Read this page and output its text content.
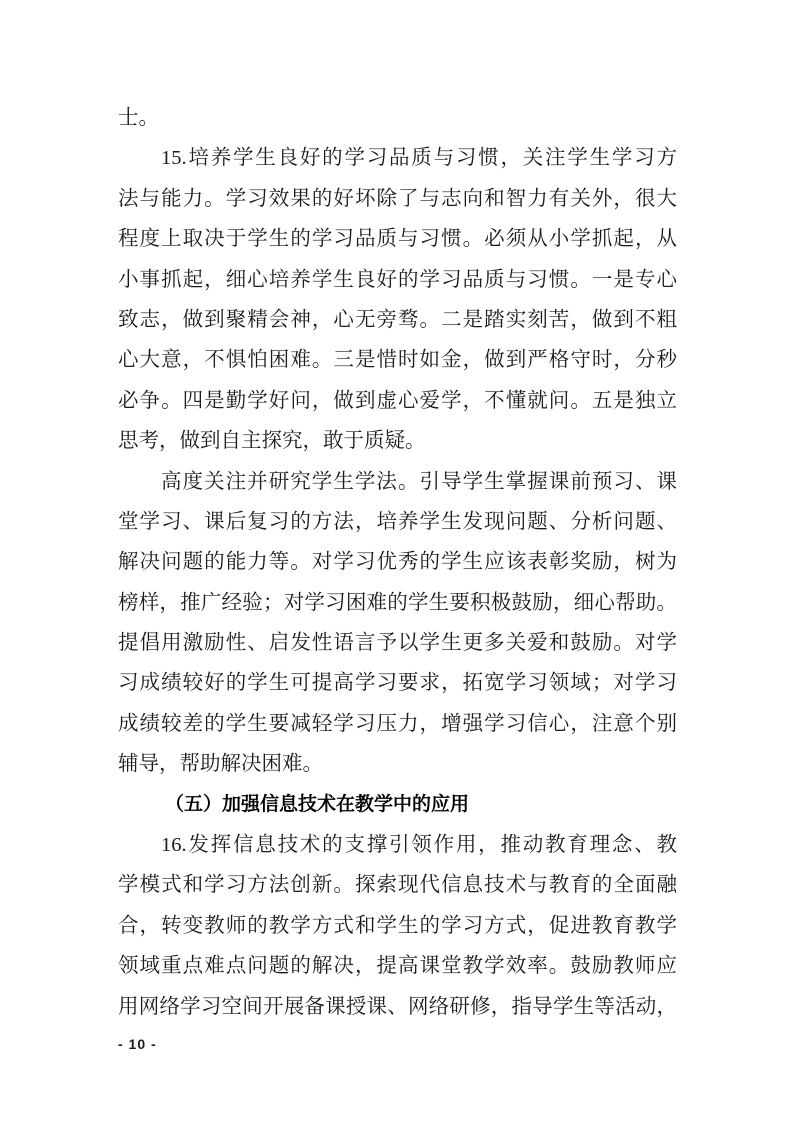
士。
15.培养学生良好的学习品质与习惯，关注学生学习方
法与能力。学习效果的好坏除了与志向和智力有关外，很大
程度上取决于学生的学习品质与习惯。必须从小学抓起，从
小事抓起，细心培养学生良好的学习品质与习惯。一是专心
致志，做到聚精会神，心无旁骛。二是踏实刻苦，做到不粗
心大意，不惧怕困难。三是惜时如金，做到严格守时，分秒
必争。四是勤学好问，做到虚心爱学，不懂就问。五是独立
思考，做到自主探究，敢于质疑。
高度关注并研究学生学法。引导学生掌握课前预习、课
堂学习、课后复习的方法，培养学生发现问题、分析问题、
解决问题的能力等。对学习优秀的学生应该表彰奖励，树为
榜样，推广经验；对学习困难的学生要积极鼓励，细心帮助。
提倡用激励性、启发性语言予以学生更多关爱和鼓励。对学
习成绩较好的学生可提高学习要求，拓宽学习领域；对学习
成绩较差的学生要减轻学习压力，增强学习信心，注意个别
辅导，帮助解决困难。
（五）加强信息技术在教学中的应用
16.发挥信息技术的支撑引领作用，推动教育理念、教
学模式和学习方法创新。探索现代信息技术与教育的全面融
合，转变教师的教学方式和学生的学习方式，促进教育教学
领域重点难点问题的解决，提高课堂教学效率。鼓励教师应
用网络学习空间开展备课授课、网络研修，指导学生等活动，
- 10 -
